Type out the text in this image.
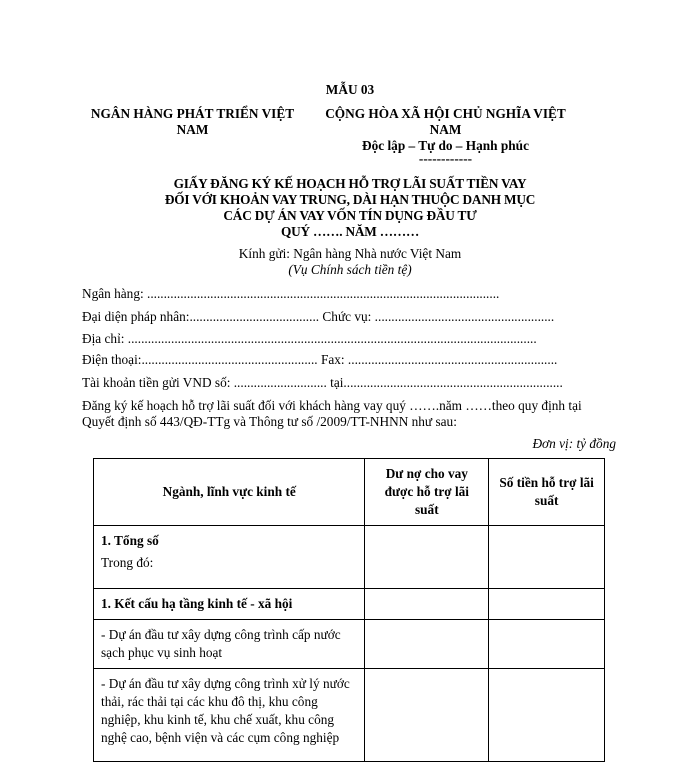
MẪU 03
NGÂN HÀNG PHÁT TRIỂN VIỆT
NAM
CỘNG HÒA XÃ HỘI CHỦ NGHĨA VIỆT
NAM
Độc lập – Tự do – Hạnh phúc
------------
GIẤY ĐĂNG KÝ KẾ HOẠCH HỖ TRỢ LÃI SUẤT TIỀN VAY
ĐỐI VỚI KHOẢN VAY TRUNG, DÀI HẠN THUỘC DANH MỤC
CÁC DỰ ÁN VAY VỐN TÍN DỤNG ĐẦU TƯ
QUÝ ……. NĂM ………
Kính gửi: Ngân hàng Nhà nước Việt Nam
(Vụ Chính sách tiền tệ)
Ngân hàng: ..........................................................................................................
Đại diện pháp nhân:....................................... Chức vụ: ......................................................
Địa chỉ: ...........................................................................................................................
Điện thoại:..................................................... Fax: ...............................................................
Tài khoản tiền gửi VND số: ............................ tại..................................................................
Đăng ký kế hoạch hỗ trợ lãi suất đối với khách hàng vay quý …….năm ……theo quy định tại
Quyết định số 443/QĐ-TTg và Thông tư số /2009/TT-NHNN như sau:
Đơn vị: tỷ đồng
Ngành, lĩnh vực kinh tế	Dư nợ cho vay được hỗ trợ lãi suất	Số tiền hỗ trợ lãi suất

1. Tổng số
Trong đó:		

1. Kết cấu hạ tầng kinh tế - xã hội		

- Dự án đầu tư xây dựng công trình cấp nước sạch phục vụ sinh hoạt		

- Dự án đầu tư xây dựng công trình xử lý nước thải, rác thải tại các khu đô thị, khu công nghiệp, khu kinh tế, khu chế xuất, khu công nghệ cao, bệnh viện và các cụm công nghiệp		
